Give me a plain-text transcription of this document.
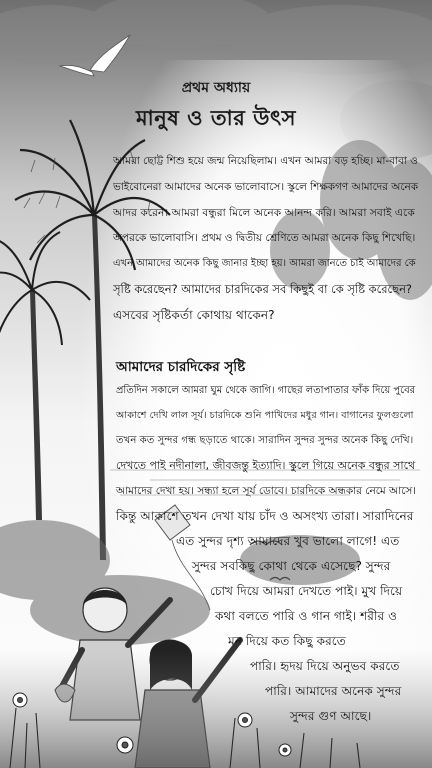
প্রথম অধ্যায়
মানুষ ও তার উৎস
আমরা ছোট্ট শিশু হয়ে জন্ম নিয়েছিলাম। এখন আমরা বড় হচ্ছি। মা-বাবা ও
ভাইবোনেরা আমাদের অনেক ভালোবাসে। স্কুলে শিক্ষকগণ আমাদের অনেক
আদর করেন। আমরা বন্ধুরা মিলে অনেক আনন্দ করি। আমরা সবাই একে
অপরকে ভালোবাসি। প্রথম ও দ্বিতীয় শ্রেণিতে আমরা অনেক কিছু শিখেছি।
এখন আমাদের অনেক কিছু জানার ইচ্ছা হয়। আমরা জানতে চাই আমাদের কে
সৃষ্টি করেছেন? আমাদের চারদিকের সব কিছুই বা কে সৃষ্টি করেছেন?
এসবের সৃষ্টিকর্তা কোথায় থাকেন?
আমাদের চারদিকের সৃষ্টি
প্রতিদিন সকালে আমরা ঘুম থেকে জাগি। গাছের লতাপাতার ফাঁক দিয়ে পুবের
আকাশে দেখি লাল সূর্য। চারদিকে শুনি পাখিদের মধুর গান। বাগানের ফুলগুলো
তখন কত সুন্দর গন্ধ ছড়াতে থাকে। সারাদিন সুন্দর সুন্দর অনেক কিছু দেখি।
দেখতে পাই নদীনালা, জীবজন্তু ইত্যাদি। স্কুলে গিয়ে অনেক বন্ধুর সাথে
আমাদের দেখা হয়। সন্ধ্যা হলে সূর্য ডোবে। চারদিকে অন্ধকার নেমে আসে।
কিন্তু আকাশে তখন দেখা যায় চাঁদ ও অসংখ্য তারা। সারাদিনের
এত সুন্দর দৃশ্য আমাদের খুব ভালো লাগে! এত
সুন্দর সবকিছু কোথা থেকে এসেছে? সুন্দর
চোখ দিয়ে আমরা দেখতে পাই। মুখ দিয়ে
কথা বলতে পারি ও গান গাই। শরীর ও
মন দিয়ে কত কিছু করতে
পারি। হৃদয় দিয়ে অনুভব করতে
পারি। আমাদের অনেক সুন্দর
সুন্দর গুণ আছে।
